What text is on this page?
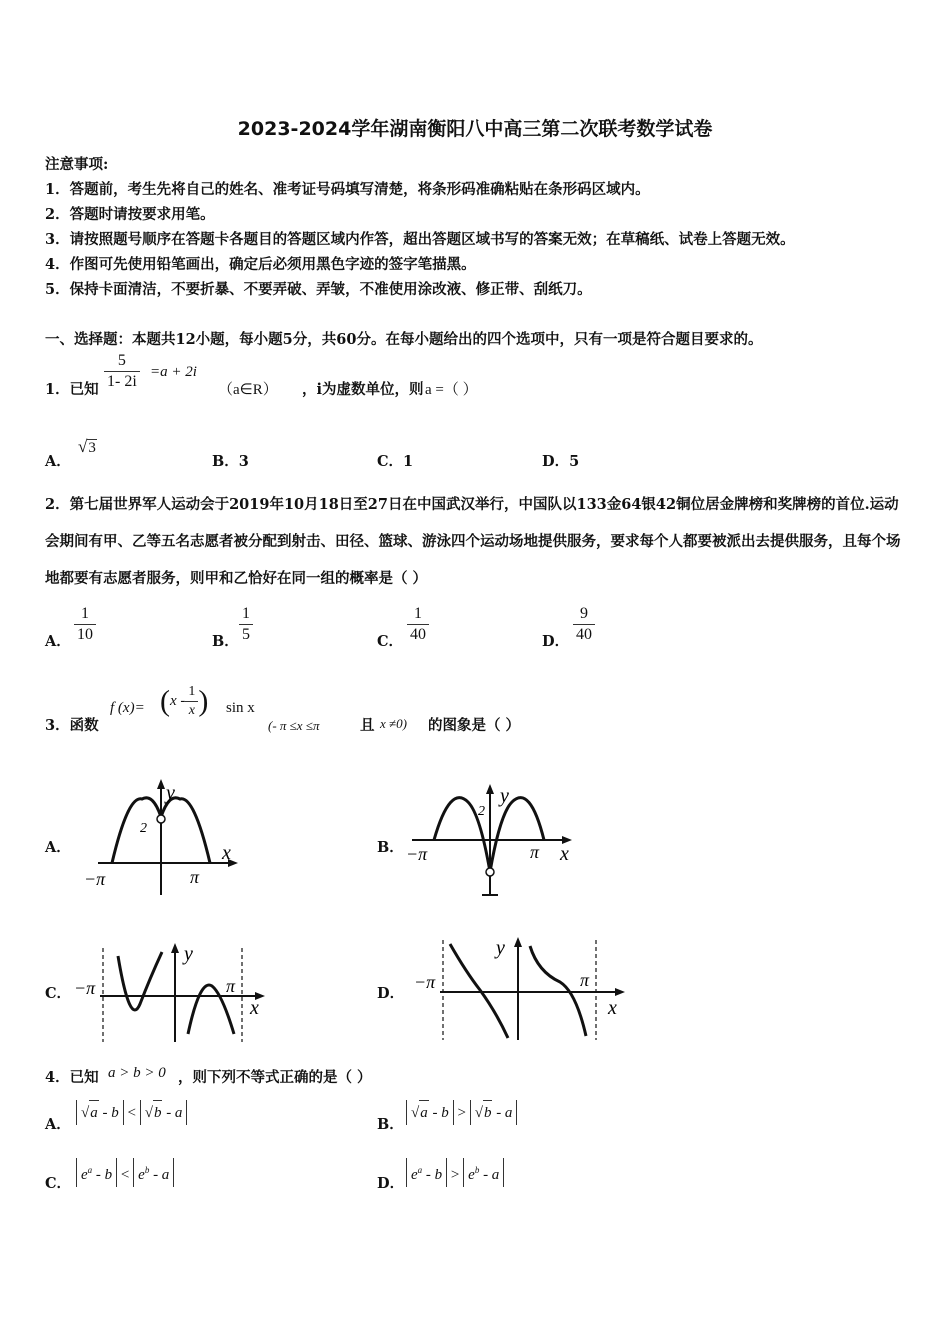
2023-2024学年湖南衡阳八中高三第二次联考数学试卷
注意事项:
1．答题前，考生先将自己的姓名、准考证号码填写清楚，将条形码准确粘贴在条形码区域内。
2．答题时请按要求用笔。
3．请按照题号顺序在答题卡各题目的答题区域内作答，超出答题区域书写的答案无效；在草稿纸、试卷上答题无效。
4．作图可先使用铅笔画出，确定后必须用黑色字迹的签字笔描黑。
5．保持卡面清洁，不要折暴、不要弄破、弄皱，不准使用涂改液、修正带、刮纸刀。
一、选择题：本题共12小题，每小题5分，共60分。在每小题给出的四个选项中，只有一项是符合题目要求的。
1．已知 $\frac{5}{1- 2i} =a + 2i$
（a∈R） ，i为虚数单位，则 a =（ ）
A．
√3
B．3	C．1	D．5
2．第七届世界军人运动会于2019年10月18日至27日在中国武汉举行，中国队以133金64银42铜位居金牌榜和奖牌榜的首位.运动会期间有甲、乙等五名志愿者被分配到射击、田径、篮球、游泳四个运动场地提供服务，要求每个人都要被派出去提供服务，且每个场地都要有志愿者服务，则甲和乙恰好在同一组的概率是（ ）
A． $\frac{1}{10}$	B． $\frac{1}{5}$	C． $\frac{1}{40}$	D． $\frac{9}{40}$
3．函数
f $(x)= (x - \frac{1}{x}$ ) sin x
(- π ≤x ≤π	且 x ≠0) 的图象是（ ）
A．
y
x
2
−π	π
B．
y
x
2
−π	π
C．
y
x
−π	π	D．
y
x
−π	π
4．已知 a > b > 0 ，则下列不等式正确的是（ ）
A．
√a - b < √b - a
B．
√a - b > √b - a
C． $e^a - b < e^b - a$	D． $e^a - b > e^b - a$
